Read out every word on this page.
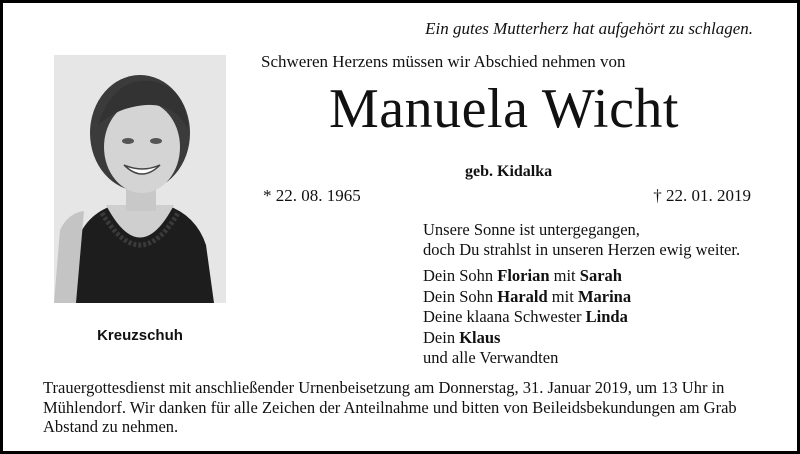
Ein gutes Mutterherz hat aufgehört zu schlagen.
Schweren Herzens müssen wir Abschied nehmen von
Manuela Wicht
geb. Kidalka
* 22. 08. 1965	† 22. 01. 2019
Kreuzschuh
Unsere Sonne ist untergegangen,
doch Du strahlst in unseren Herzen ewig weiter.
Dein Sohn Florian mit Sarah
Dein Sohn Harald mit Marina
Deine klaana Schwester Linda
Dein Klaus
und alle Verwandten
Trauergottesdienst mit anschließender Urnenbeisetzung am Donnerstag, 31. Januar 2019, um 13 Uhr in Mühlendorf. Wir danken für alle Zeichen der Anteilnahme und bitten von Beileidsbekundungen am Grab Abstand zu nehmen.
